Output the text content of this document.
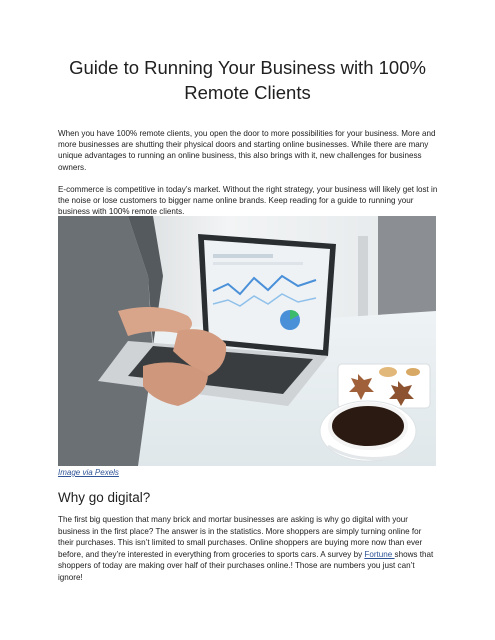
Guide to Running Your Business with 100% Remote Clients
When you have 100% remote clients, you open the door to more possibilities for your business. More and more businesses are shutting their physical doors and starting online businesses. While there are many unique advantages to running an online business, this also brings with it, new challenges for business owners.
E-commerce is competitive in today’s market. Without the right strategy, your business will likely get lost in the noise or lose customers to bigger name online brands. Keep reading for a guide to running your business with 100% remote clients.
Image via Pexels
Why go digital?
The first big question that many brick and mortar businesses are asking is why go digital with your business in the first place? The answer is in the statistics. More shoppers are simply turning online for their purchases. This isn’t limited to small purchases. Online shoppers are buying more now than ever before, and they’re interested in everything from groceries to sports cars. A survey by Fortune shows that shoppers of today are making over half of their purchases online.! Those are numbers you just can’t ignore!
